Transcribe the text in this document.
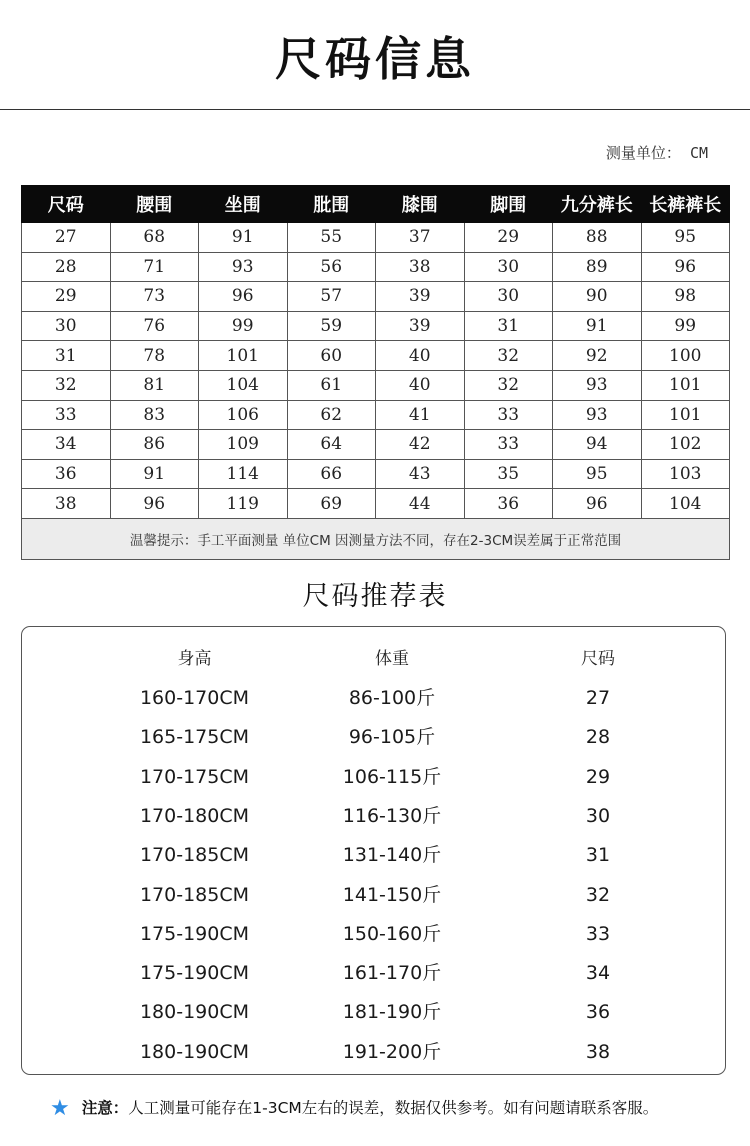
尺码信息
测量单位： CM
尺码	腰围	坐围	肶围	膝围	脚围	九分裤长	长裤裤长
27	68	91	55	37	29	88	95
28	71	93	56	38	30	89	96
29	73	96	57	39	30	90	98
30	76	99	59	39	31	91	99
31	78	101	60	40	32	92	100
32	81	104	61	40	32	93	101
33	83	106	62	41	33	93	101
34	86	109	64	42	33	94	102
36	91	114	66	43	35	95	103
38	96	119	69	44	36	96	104
温馨提示：手工平面测量 单位CM 因测量方法不同，存在2-3CM误差属于正常范围							
尺码推荐表
身高	体重	尺码
160-170CM	86-100斤	27
165-175CM	96-105斤	28
170-175CM	106-115斤	29
170-180CM	116-130斤	30
170-185CM	131-140斤	31
170-185CM	141-150斤	32
175-190CM	150-160斤	33
175-190CM	161-170斤	34
180-190CM	181-190斤	36
180-190CM	191-200斤	38
★ 注意：人工测量可能存在1-3CM左右的误差，数据仅供参考。如有问题请联系客服。
